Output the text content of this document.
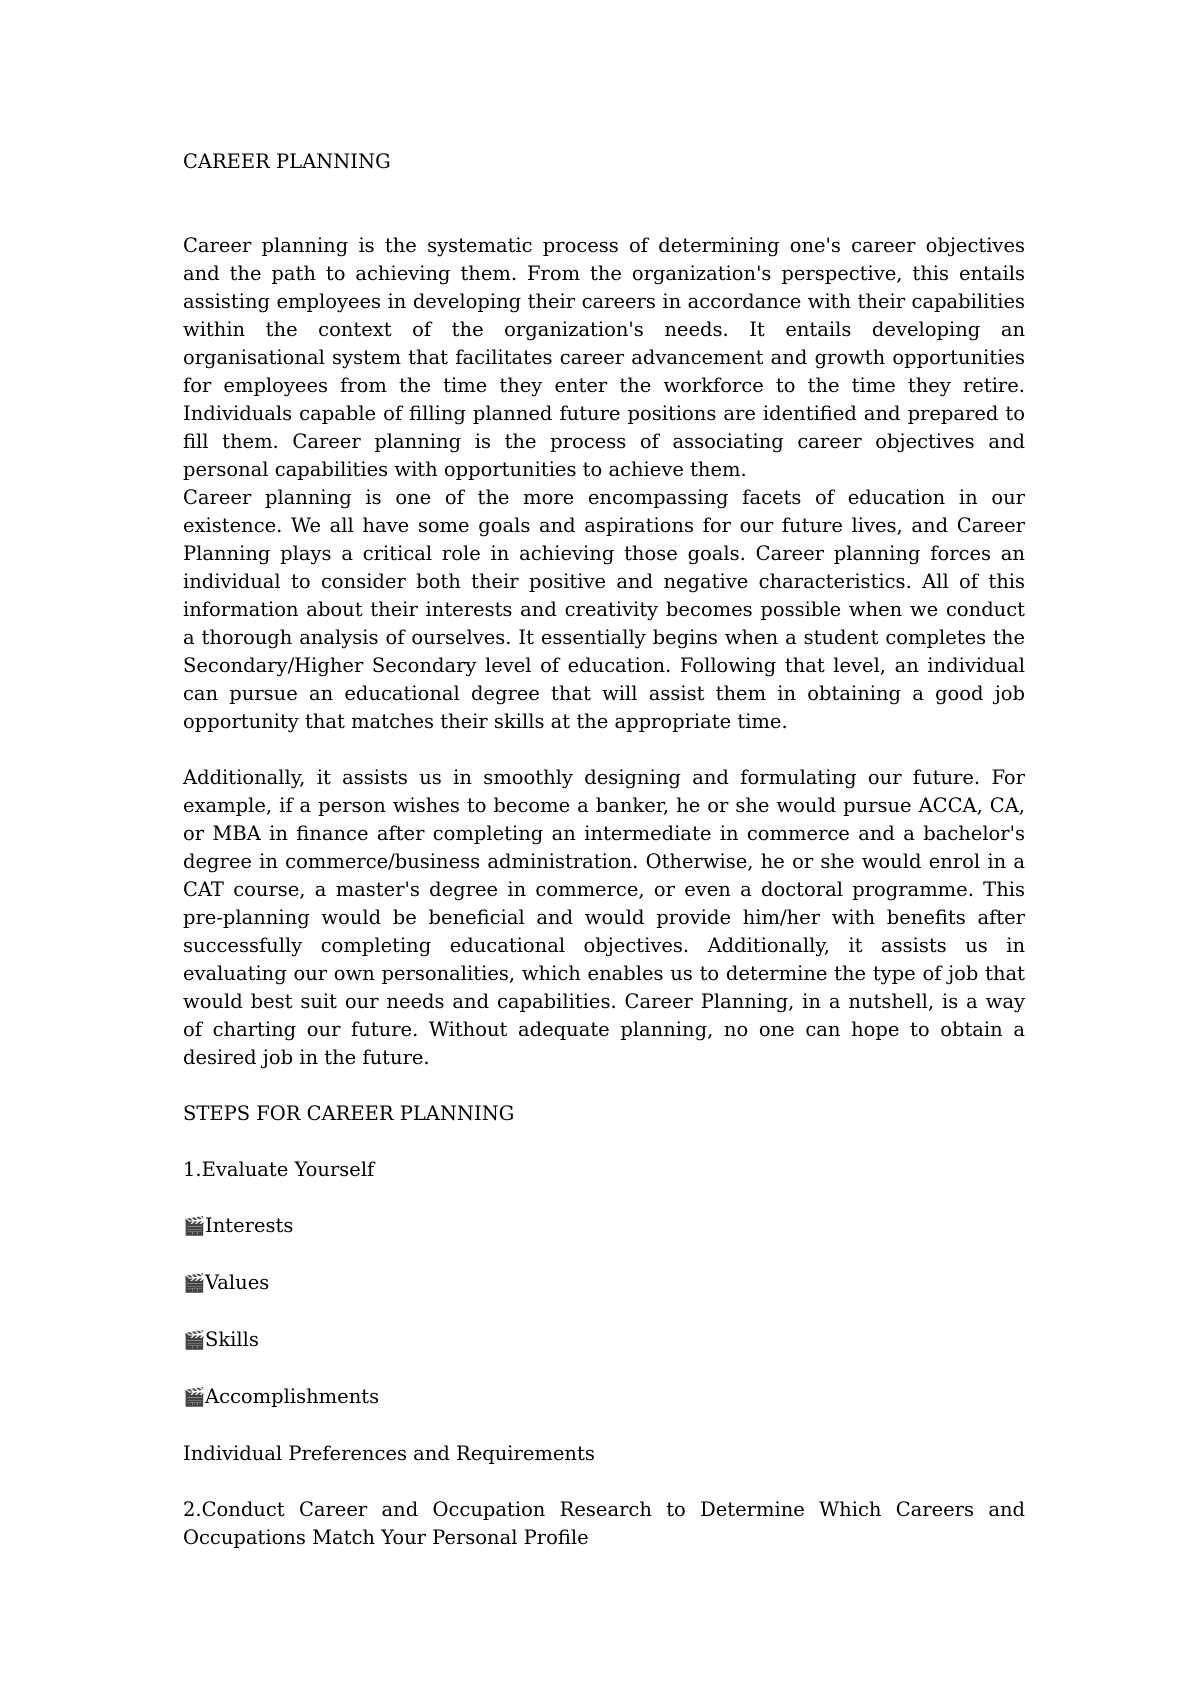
CAREER PLANNING

Career planning is the systematic process of determining one's career objectives and the path to achieving them. From the organization's perspective, this entails assisting employees in developing their careers in accordance with their capabilities within the context of the organization's needs. It entails developing an organisational system that facilitates career advancement and growth opportunities for employees from the time they enter the workforce to the time they retire. Individuals capable of filling planned future positions are identified and prepared to fill them. Career planning is the process of associating career objectives and personal capabilities with opportunities to achieve them.

Career planning is one of the more encompassing facets of education in our existence. We all have some goals and aspirations for our future lives, and Career Planning plays a critical role in achieving those goals. Career planning forces an individual to consider both their positive and negative characteristics. All of this information about their interests and creativity becomes possible when we conduct a thorough analysis of ourselves. It essentially begins when a student completes the Secondary/Higher Secondary level of education. Following that level, an individual can pursue an educational degree that will assist them in obtaining a good job opportunity that matches their skills at the appropriate time.

Additionally, it assists us in smoothly designing and formulating our future. For example, if a person wishes to become a banker, he or she would pursue ACCA, CA, or MBA in finance after completing an intermediate in commerce and a bachelor's degree in commerce/business administration. Otherwise, he or she would enrol in a CAT course, a master's degree in commerce, or even a doctoral programme. This pre-planning would be beneficial and would provide him/her with benefits after successfully completing educational objectives. Additionally, it assists us in evaluating our own personalities, which enables us to determine the type of job that would best suit our needs and capabilities. Career Planning, in a nutshell, is a way of charting our future. Without adequate planning, no one can hope to obtain a desired job in the future.

STEPS FOR CAREER PLANNING

1.Evaluate Yourself

🎬 Interests

🎬 Values

🎬 Skills

🎬 Accomplishments

Individual Preferences and Requirements

2.Conduct Career and Occupation Research to Determine Which Careers and Occupations Match Your Personal Profile
